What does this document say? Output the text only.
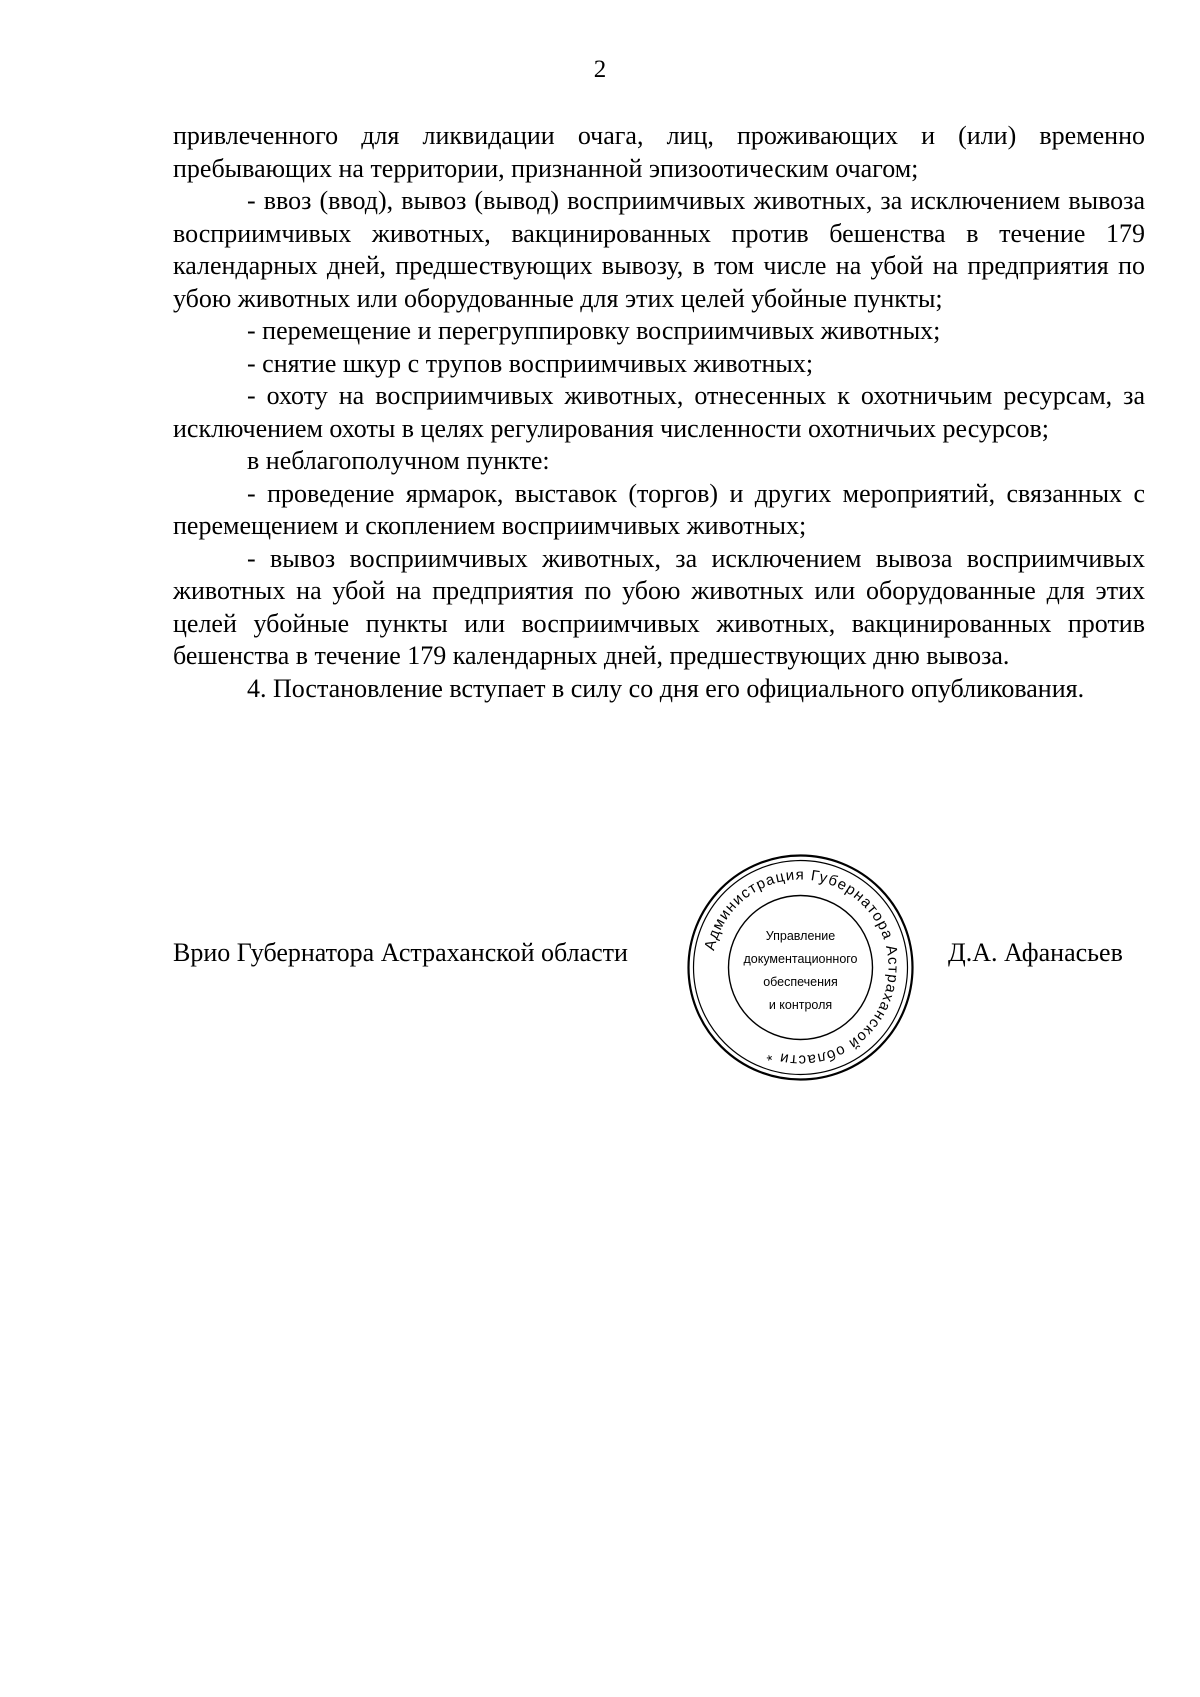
2

привлеченного для ликвидации очага, лиц, проживающих и (или) временно пребывающих на территории, признанной эпизоотическим очагом;

- ввоз (ввод), вывоз (вывод) восприимчивых животных, за исключением вывоза восприимчивых животных, вакцинированных против бешенства в течение 179 календарных дней, предшествующих вывозу, в том числе на убой на предприятия по убою животных или оборудованные для этих целей убойные пункты;

- перемещение и перегруппировку восприимчивых животных;

- снятие шкур с трупов восприимчивых животных;

- охоту на восприимчивых животных, отнесенных к охотничьим ресурсам, за исключением охоты в целях регулирования численности охотничьих ресурсов;

в неблагополучном пункте:

- проведение ярмарок, выставок (торгов) и других мероприятий, связанных с перемещением и скоплением восприимчивых животных;

- вывоз восприимчивых животных, за исключением вывоза восприимчивых животных на убой на предприятия по убою животных или оборудованные для этих целей убойные пункты или восприимчивых животных, вакцинированных против бешенства в течение 179 календарных дней, предшествующих дню вывоза.

4. Постановление вступает в силу со дня его официального опубликования.

Врио Губернатора Астраханской области	Администрация Губернатора Астраханской области *
Управление
документационного
обеспечения
и контроля
Д.А. Афанасьев
